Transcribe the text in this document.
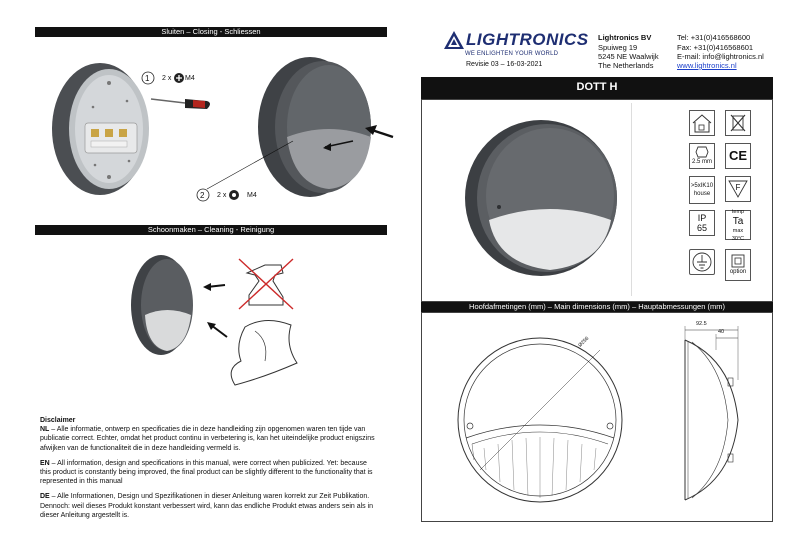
Sluiten – Closing - Schliessen
1 2 x M4
2 2 x	M4
Schoonmaken – Cleaning - Reinigung

Disclaimer

NL – Alle informatie, ontwerp en specificaties die in deze handleiding zijn opgenomen waren ten tijde van publicatie correct. Echter, omdat het product continu in verbetering is, kan het uiteindelijke product enigszins afwijken van de functionaliteit die in deze handleiding vermeld is.

EN – All information, design and specifications in this manual, were correct when publicized. Yet: because this product is constantly being improved, the final product can be slightly different to the functionality that is represented in this manual

DE – Alle Informationen, Design und Spezifikationen in dieser Anleitung waren korrekt zur Zeit Publikation. Dennoch: weil dieses Produkt konstant verbessert wird, kann das endliche Produkt etwas anders sein als in dieser Anleitung argestellt is.

LIGHTRONICS
WE ENLIGHTEN YOUR WORLD
Revisie 03 – 16-03-2021
Lightronics BV
Spuiweg 19
5245 NE Waalwijk
The Netherlands
Tel: +31(0)416568600
Fax: +31(0)416568601
E-mail: info@lightronics.nl
www.lightronics.nl
DOTT H
2.5 mm
>5xIK10
house
IP
65
CE
F
temp
Ta
max 30°C
option
Hoofdafmetingen (mm) – Main dimensions (mm) – Hauptabmessungen (mm)
Ø256
92.5
40
